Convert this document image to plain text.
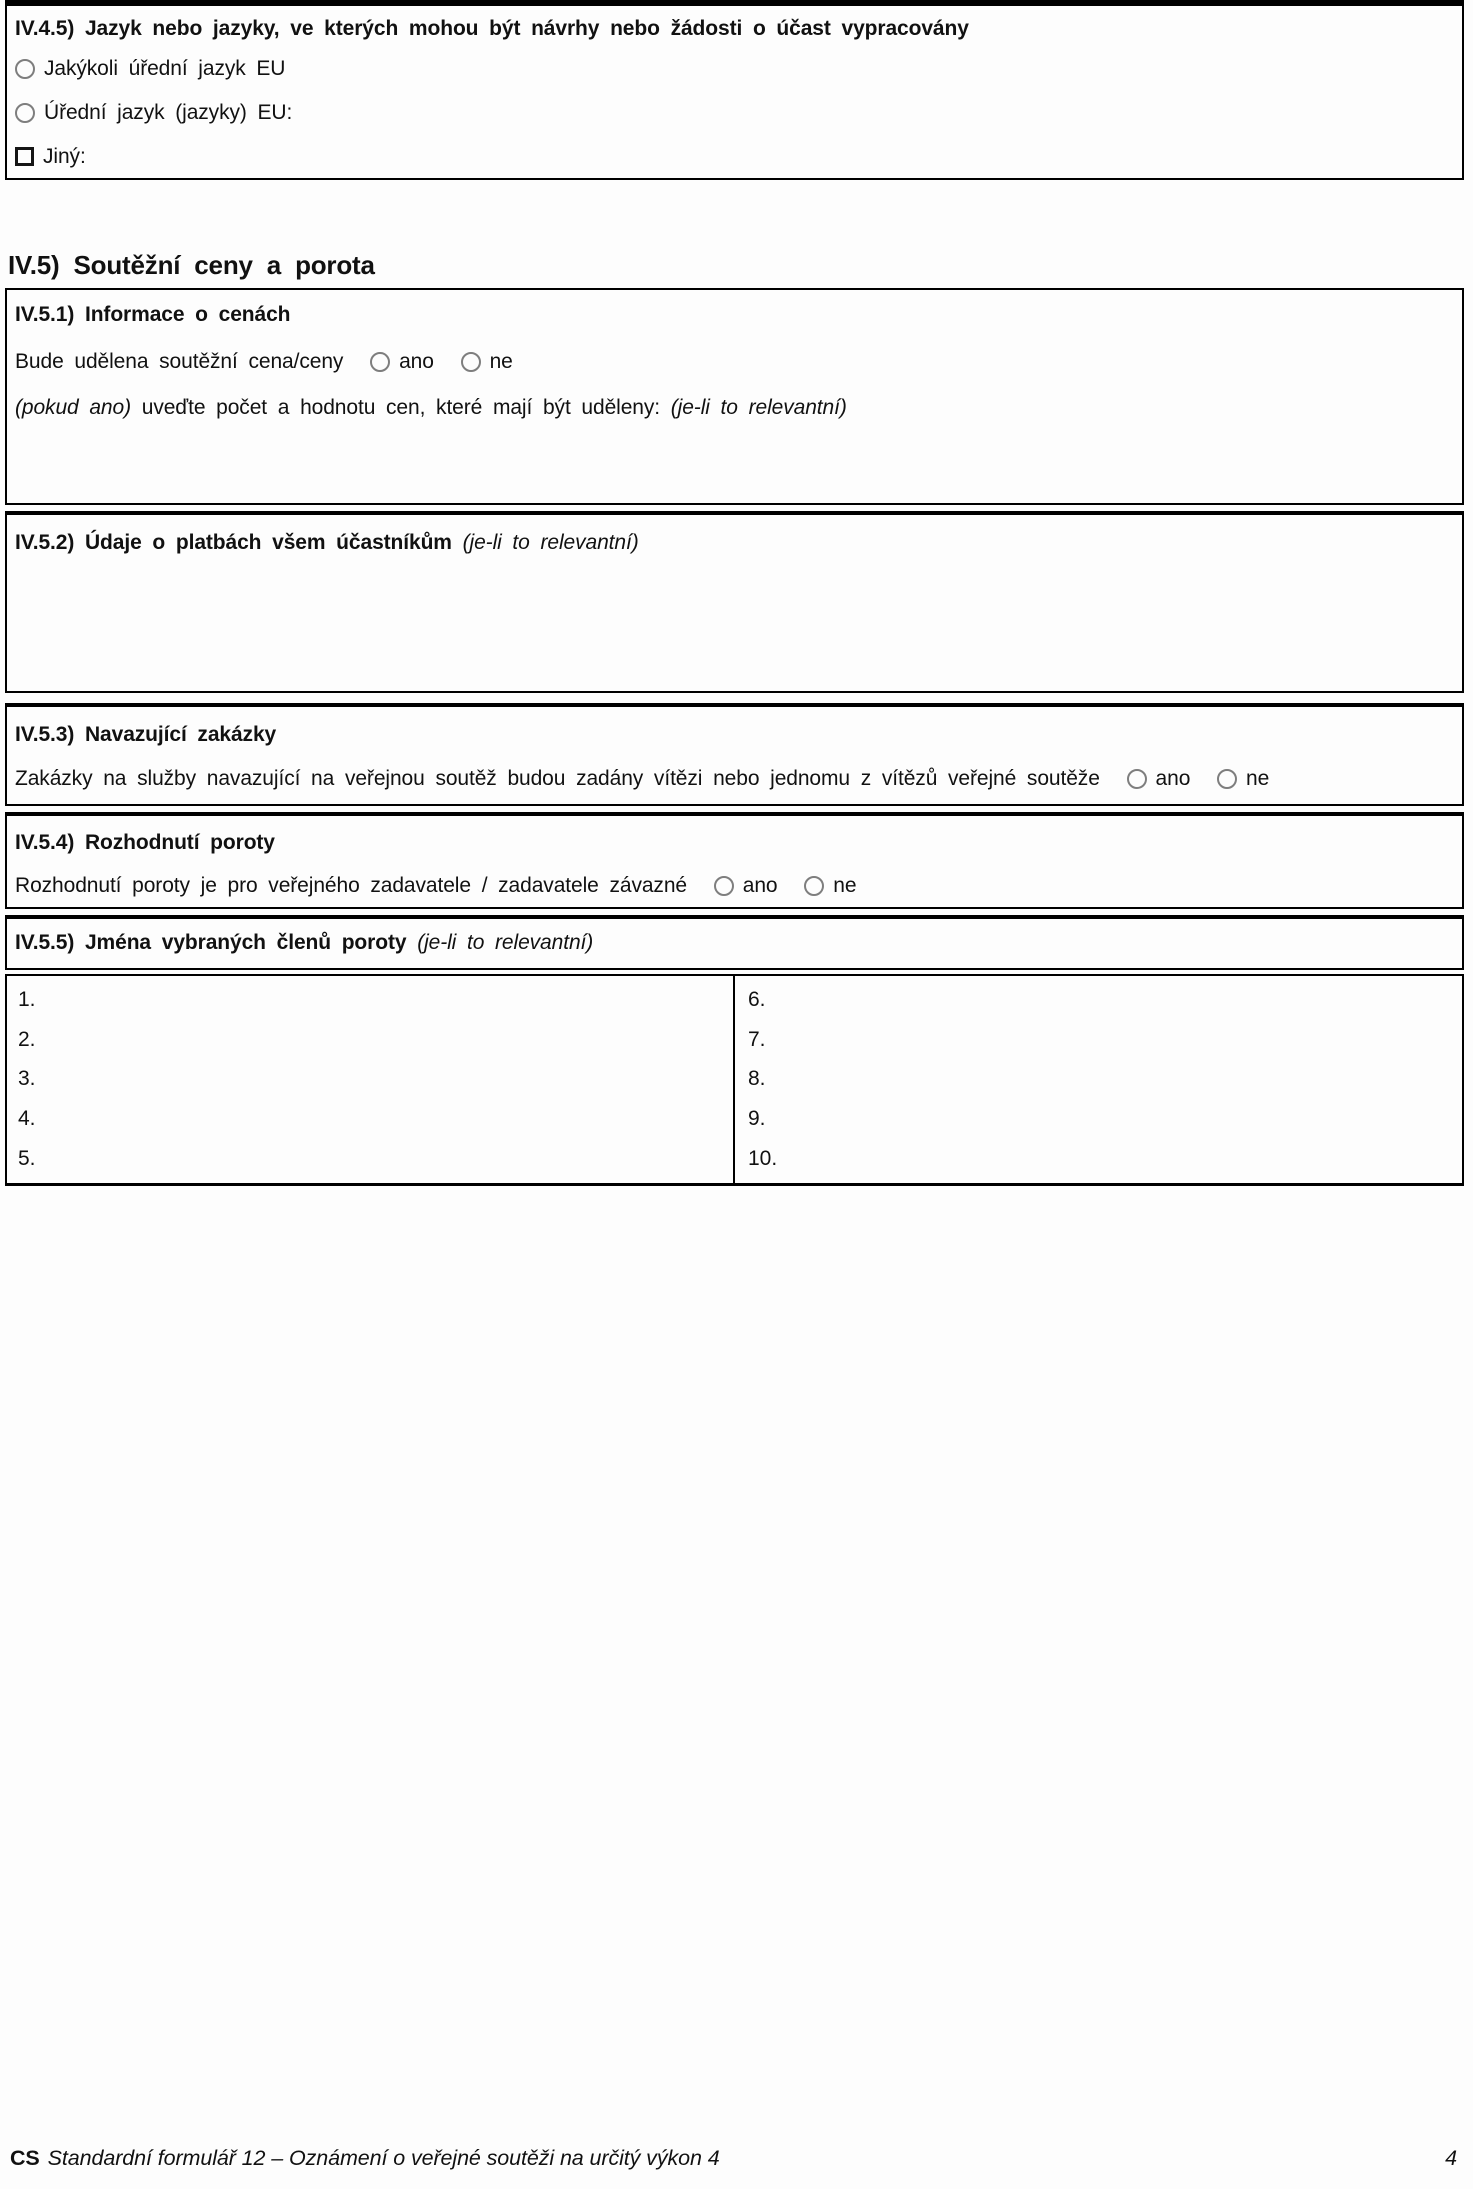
IV.4.5) Jazyk nebo jazyky, ve kterých mohou být návrhy nebo žádosti o účast vypracovány

Jakýkoli úřední jazyk EU
Úřední jazyk (jazyky) EU:
Jiný:
IV.5) Soutěžní ceny a porota

IV.5.1) Informace o cenách

Bude udělena soutěžní cena/ceny	ano	ne

(pokud ano) uveďte počet a hodnotu cen, které mají být uděleny: (je-li to relevantní)

IV.5.2) Údaje o platbách všem účastníkům (je-li to relevantní)

IV.5.3) Navazující zakázky

Zakázky na služby navazující na veřejnou soutěž budou zadány vítězi nebo jednomu z vítězů veřejné soutěže	ano	ne

IV.5.4) Rozhodnutí poroty

Rozhodnutí poroty je pro veřejného zadavatele / zadavatele závazné	ano	ne

IV.5.5) Jména vybraných členů poroty (je-li to relevantní)

1.
2.
3.
4.
5.
6.
7.
8.
9.
10.
CS Standardní formulář 12 – Oznámení o veřejné soutěži na určitý výkon 4	4
